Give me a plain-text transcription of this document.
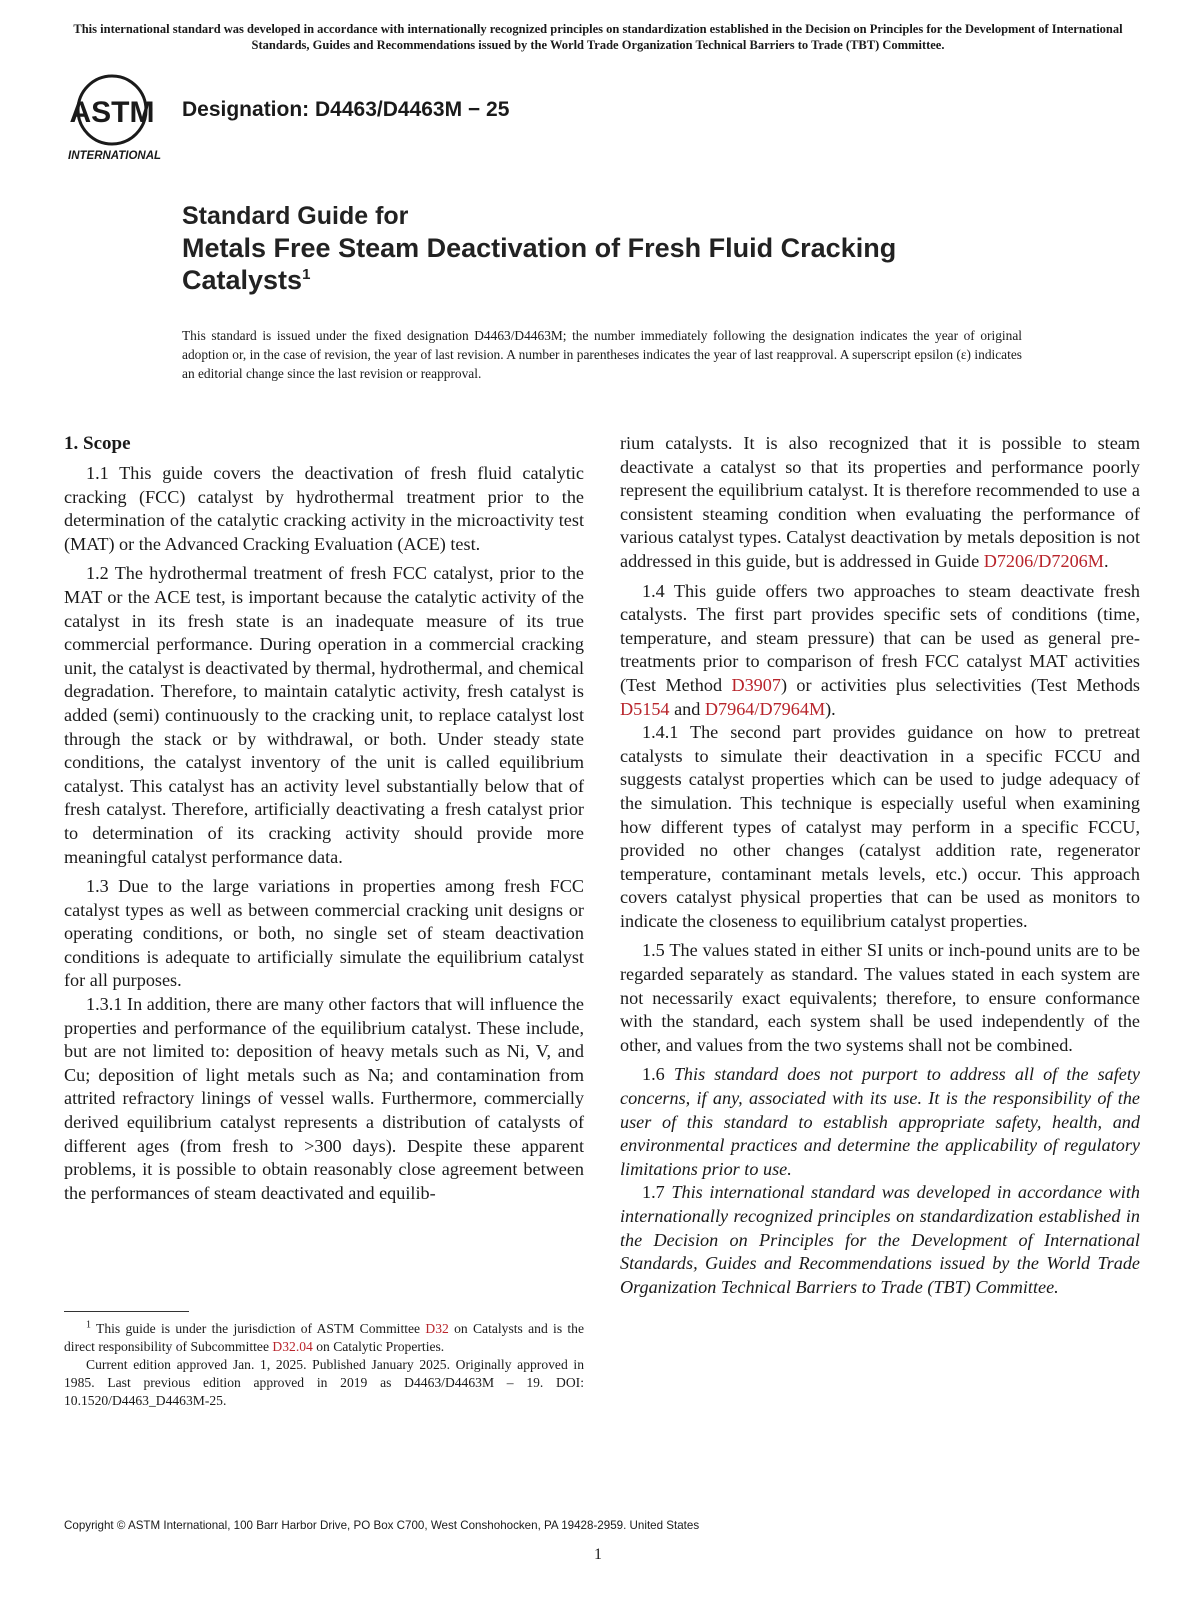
This international standard was developed in accordance with internationally recognized principles on standardization established in the Decision on Principles for the Development of International Standards, Guides and Recommendations issued by the World Trade Organization Technical Barriers to Trade (TBT) Committee.
ASTM
INTERNATIONAL
Designation: D4463/D4463M − 25
Standard Guide for
Metals Free Steam Deactivation of Fresh Fluid Cracking
Catalysts$^1$
This standard is issued under the fixed designation D4463/D4463M; the number immediately following the designation indicates the year of original adoption or, in the case of revision, the year of last revision. A number in parentheses indicates the year of last reapproval. A superscript epsilon (ε) indicates an editorial change since the last revision or reapproval.
1. Scope

1.1 This guide covers the deactivation of fresh fluid catalytic cracking (FCC) catalyst by hydrothermal treatment prior to the determination of the catalytic cracking activity in the microactivity test (MAT) or the Advanced Cracking Evaluation (ACE) test.

1.2 The hydrothermal treatment of fresh FCC catalyst, prior to the MAT or the ACE test, is important because the catalytic activity of the catalyst in its fresh state is an inadequate measure of its true commercial performance. During operation in a commercial cracking unit, the catalyst is deactivated by thermal, hydrothermal, and chemical degradation. Therefore, to maintain catalytic activity, fresh catalyst is added (semi) continuously to the cracking unit, to replace catalyst lost through the stack or by withdrawal, or both. Under steady state conditions, the catalyst inventory of the unit is called equilibrium catalyst. This catalyst has an activity level substantially below that of fresh catalyst. Therefore, artificially deactivating a fresh catalyst prior to determination of its cracking activity should provide more meaningful catalyst performance data.

1.3 Due to the large variations in properties among fresh FCC catalyst types as well as between commercial cracking unit designs or operating conditions, or both, no single set of steam deactivation conditions is adequate to artificially simulate the equilibrium catalyst for all purposes.

1.3.1 In addition, there are many other factors that will influence the properties and performance of the equilibrium catalyst. These include, but are not limited to: deposition of heavy metals such as Ni, V, and Cu; deposition of light metals such as Na; and contamination from attrited refractory linings of vessel walls. Furthermore, commercially derived equilibrium catalyst represents a distribution of catalysts of different ages (from fresh to >300 days). Despite these apparent problems, it is possible to obtain reasonably close agreement between the performances of steam deactivated and equilib-

rium catalysts. It is also recognized that it is possible to steam deactivate a catalyst so that its properties and performance poorly represent the equilibrium catalyst. It is therefore recommended to use a consistent steaming condition when evaluating the performance of various catalyst types. Catalyst deactivation by metals deposition is not addressed in this guide, but is addressed in Guide D7206/D7206M.

1.4 This guide offers two approaches to steam deactivate fresh catalysts. The first part provides specific sets of conditions (time, temperature, and steam pressure) that can be used as general pre-treatments prior to comparison of fresh FCC catalyst MAT activities (Test Method D3907) or activities plus selectivities (Test Methods D5154 and D7964/D7964M).

1.4.1 The second part provides guidance on how to pretreat catalysts to simulate their deactivation in a specific FCCU and suggests catalyst properties which can be used to judge adequacy of the simulation. This technique is especially useful when examining how different types of catalyst may perform in a specific FCCU, provided no other changes (catalyst addition rate, regenerator temperature, contaminant metals levels, etc.) occur. This approach covers catalyst physical properties that can be used as monitors to indicate the closeness to equilibrium catalyst properties.

1.5 The values stated in either SI units or inch-pound units are to be regarded separately as standard. The values stated in each system are not necessarily exact equivalents; therefore, to ensure conformance with the standard, each system shall be used independently of the other, and values from the two systems shall not be combined.

1.6 This standard does not purport to address all of the safety concerns, if any, associated with its use. It is the responsibility of the user of this standard to establish appropriate safety, health, and environmental practices and determine the applicability of regulatory limitations prior to use.

1.7 This international standard was developed in accordance with internationally recognized principles on standardization established in the Decision on Principles for the Development of International Standards, Guides and Recommendations issued by the World Trade Organization Technical Barriers to Trade (TBT) Committee.

$^1$ This guide is under the jurisdiction of ASTM Committee D32 on Catalysts and is the direct responsibility of Subcommittee D32.04 on Catalytic Properties.

Current edition approved Jan. 1, 2025. Published January 2025. Originally approved in 1985. Last previous edition approved in 2019 as D4463/D4463M – 19. DOI: 10.1520/D4463_D4463M-25.

Copyright © ASTM International, 100 Barr Harbor Drive, PO Box C700, West Conshohocken, PA 19428-2959. United States
1
